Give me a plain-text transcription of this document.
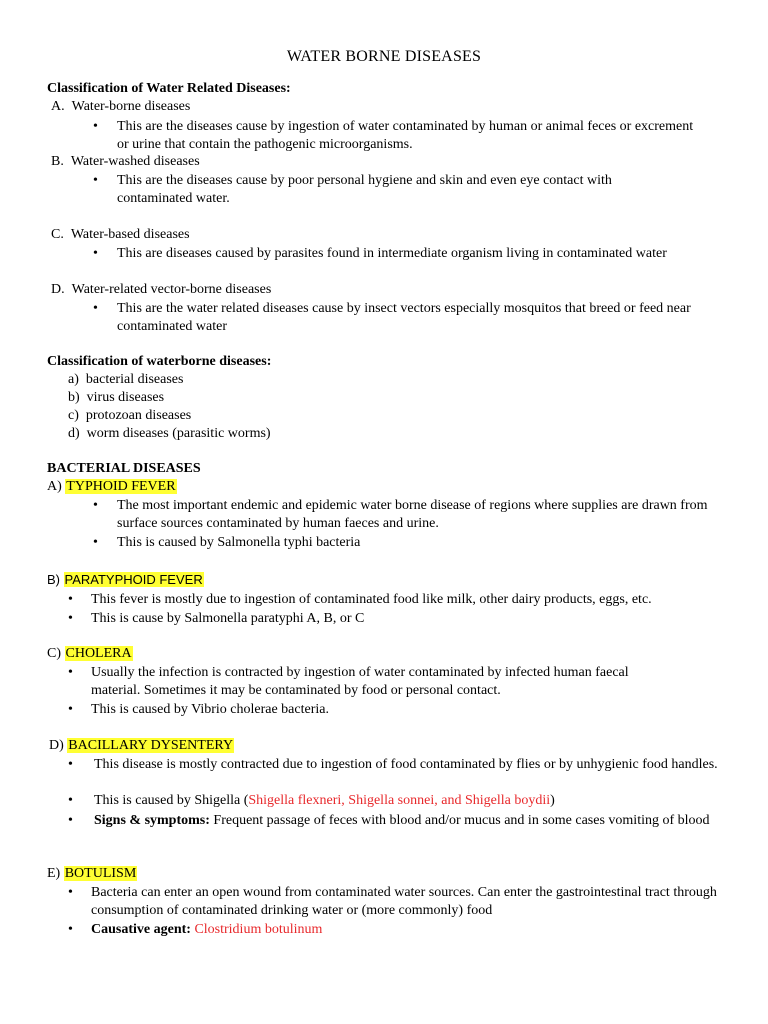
WATER BORNE DISEASES
Classification of Water Related Diseases:
A. Water-borne diseases
• This are the diseases cause by ingestion of water contaminated by human or animal feces or excrement or urine that contain the pathogenic microorganisms.
B. Water-washed diseases
• This are the diseases cause by poor personal hygiene and skin and even eye contact with contaminated water.
C. Water-based diseases
• This are diseases caused by parasites found in intermediate organism living in contaminated water
D. Water-related vector-borne diseases
• This are the water related diseases cause by insect vectors especially mosquitos that breed or feed near contaminated water
Classification of waterborne diseases:
a) bacterial diseases
b) virus diseases
c) protozoan diseases
d) worm diseases (parasitic worms)
BACTERIAL DISEASES
A) TYPHOID FEVER
• The most important endemic and epidemic water borne disease of regions where supplies are drawn from surface sources contaminated by human faeces and urine.
• This is caused by Salmonella typhi bacteria
B) PARATYPHOID FEVER
• This fever is mostly due to ingestion of contaminated food like milk, other dairy products, eggs, etc.
• This is cause by Salmonella paratyphi A, B, or C
C) CHOLERA
• Usually the infection is contracted by ingestion of water contaminated by infected human faecal material. Sometimes it may be contaminated by food or personal contact.
• This is caused by Vibrio cholerae bacteria.
D) BACILLARY DYSENTERY
• This disease is mostly contracted due to ingestion of food contaminated by flies or by unhygienic food handles.
• This is caused by Shigella (Shigella flexneri, Shigella sonnei, and Shigella boydii)
• Signs & symptoms: Frequent passage of feces with blood and/or mucus and in some cases vomiting of blood
E) BOTULISM
• Bacteria can enter an open wound from contaminated water sources. Can enter the gastrointestinal tract through consumption of contaminated drinking water or (more commonly) food
• Causative agent: Clostridium botulinum
